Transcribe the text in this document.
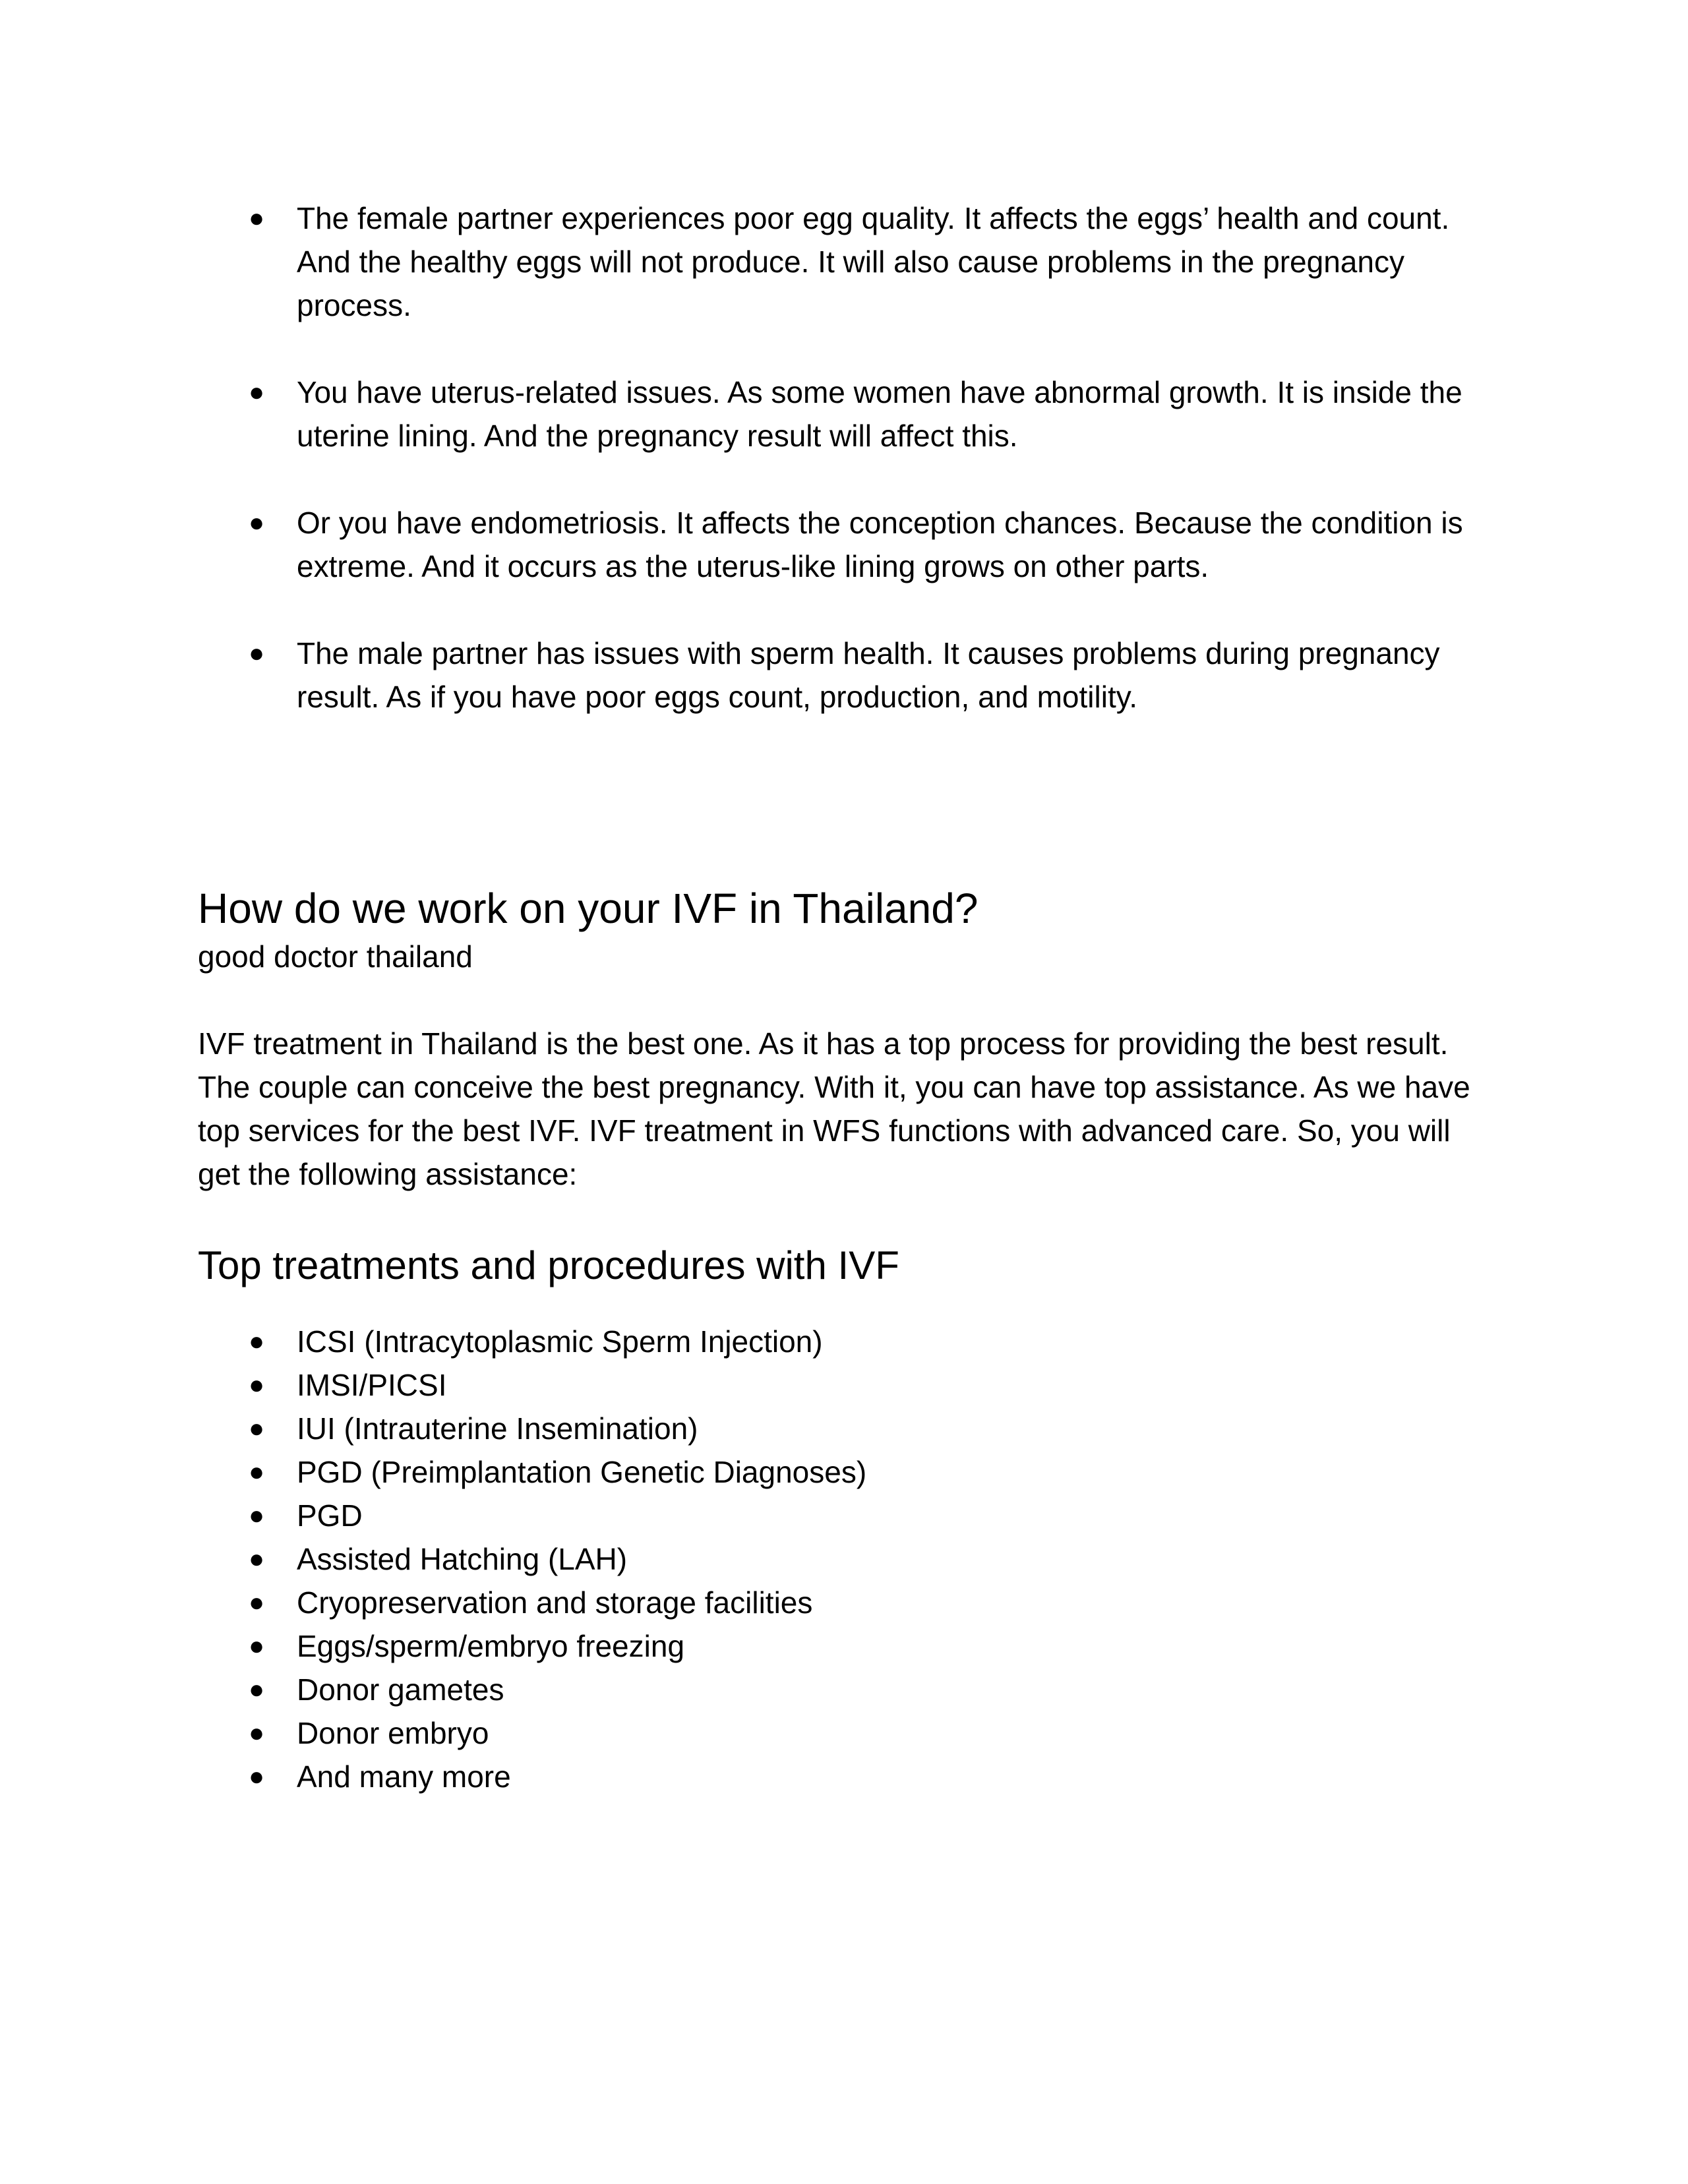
● The female partner experiences poor egg quality. It affects the eggs’ health and count. And the healthy eggs will not produce. It will also cause problems in the pregnancy process.
● You have uterus-related issues. As some women have abnormal growth. It is inside the uterine lining. And the pregnancy result will affect this.
● Or you have endometriosis. It affects the conception chances. Because the condition is extreme. And it occurs as the uterus-like lining grows on other parts.
● The male partner has issues with sperm health. It causes problems during pregnancy result. As if you have poor eggs count, production, and motility.
How do we work on your IVF in Thailand?

good doctor thailand

IVF treatment in Thailand is the best one. As it has a top process for providing the best result. The couple can conceive the best pregnancy. With it, you can have top assistance. As we have top services for the best IVF. IVF treatment in WFS functions with advanced care. So, you will get the following assistance:

Top treatments and procedures with IVF
● ICSI (Intracytoplasmic Sperm Injection)
● IMSI/PICSI
● IUI (Intrauterine Insemination)
● PGD (Preimplantation Genetic Diagnoses)
● PGD
● Assisted Hatching (LAH)
● Cryopreservation and storage facilities
● Eggs/sperm/embryo freezing
● Donor gametes
● Donor embryo
● And many more
